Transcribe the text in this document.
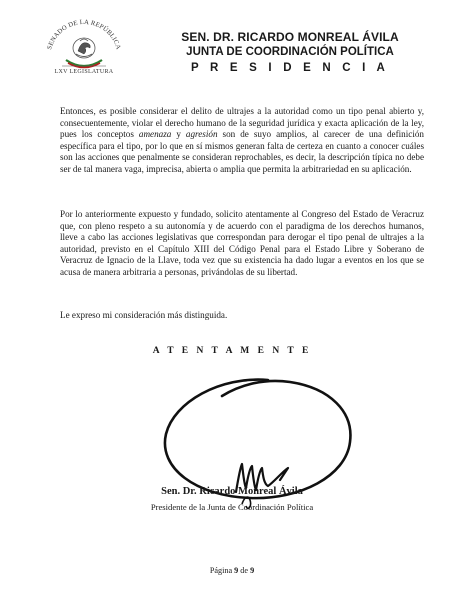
SENADO DE LA REPÚBLICA
LXV LEGISLATURA
SEN. DR. RICARDO MONREAL ÁVILA
JUNTA DE COORDINACIÓN POLÍTICA
P R E S I D E N C I A
Entonces, es posible considerar el delito de ultrajes a la autoridad como un tipo penal abierto y, consecuentemente, violar el derecho humano de la seguridad jurídica y exacta aplicación de la ley, pues los conceptos amenaza y agresión son de suyo amplios, al carecer de una definición específica para el tipo, por lo que en sí mismos generan falta de certeza en cuanto a conocer cuáles son las acciones que penalmente se consideran reprochables, es decir, la descripción típica no debe ser de tal manera vaga, imprecisa, abierta o amplia que permita la arbitrariedad en su aplicación.
Por lo anteriormente expuesto y fundado, solicito atentamente al Congreso del Estado de Veracruz que, con pleno respeto a su autonomía y de acuerdo con el paradigma de los derechos humanos, lleve a cabo las acciones legislativas que correspondan para derogar el tipo penal de ultrajes a la autoridad, previsto en el Capítulo XIII del Código Penal para el Estado Libre y Soberano de Veracruz de Ignacio de la Llave, toda vez que su existencia ha dado lugar a eventos en los que se acusa de manera arbitraria a personas, privándolas de su libertad.
Le expreso mi consideración más distinguida.
A T E N T A M E N T E
Sen. Dr. Ricardo Monreal Ávila
Presidente de la Junta de Coordinación Política
Página 9 de 9
